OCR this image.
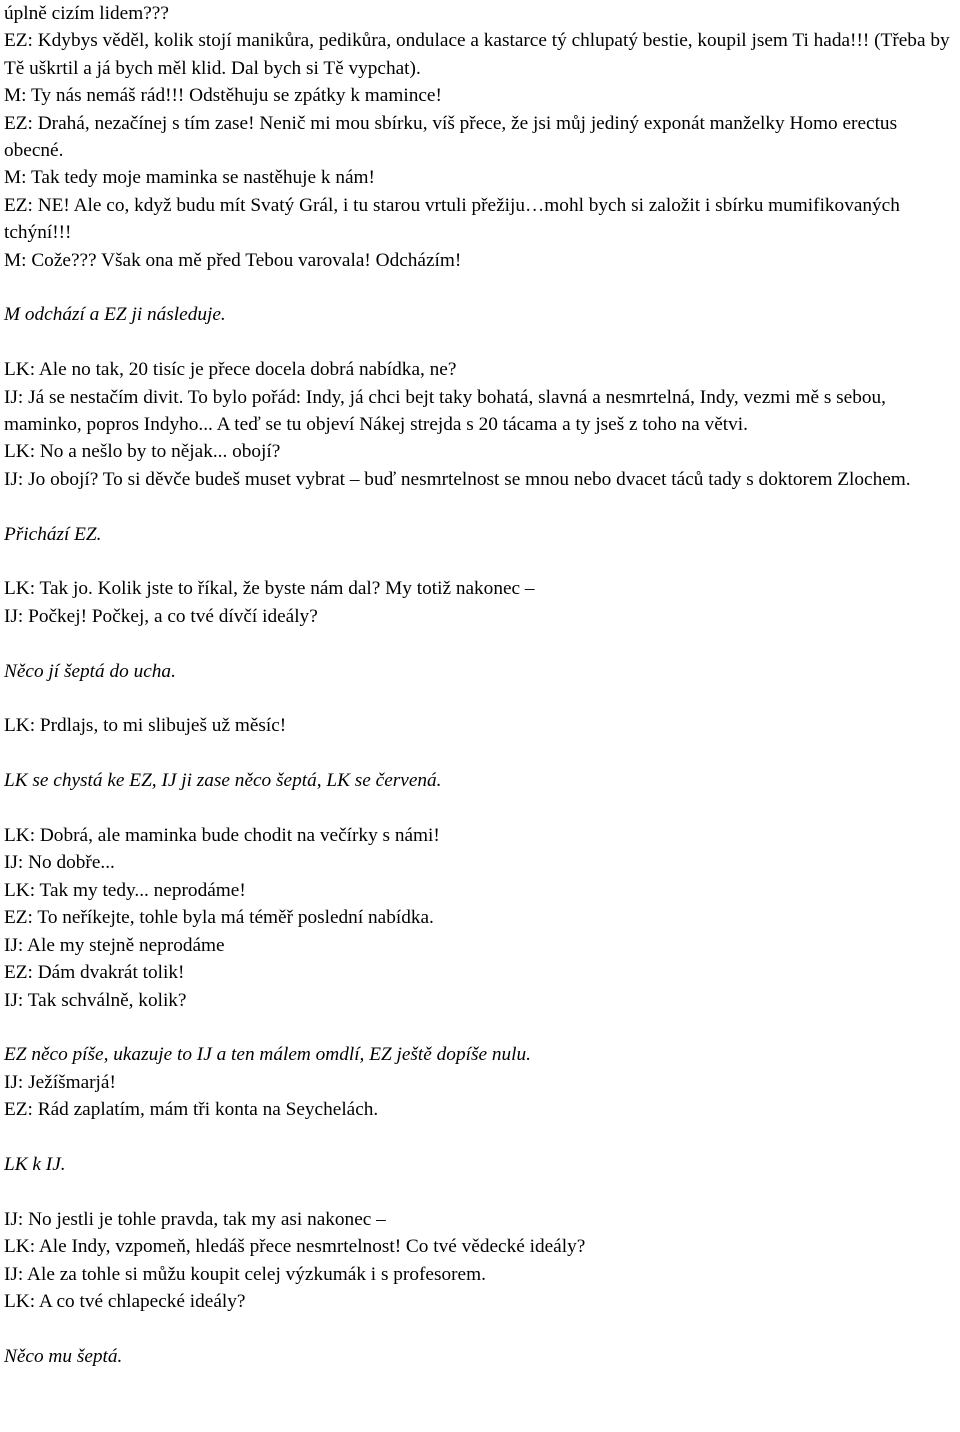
úplně cizím lidem???

EZ: Kdybys věděl, kolik stojí manikůra, pedikůra, ondulace a kastarce tý chlupatý bestie, koupil jsem Ti hada!!! (Třeba by Tě uškrtil a já bych měl klid. Dal bych si Tě vypchat).

M: Ty nás nemáš rád!!! Odstěhuju se zpátky k mamince!

EZ: Drahá, nezačínej s tím zase! Nenič mi mou sbírku, víš přece, že jsi můj jediný exponát manželky Homo erectus obecné.

M: Tak tedy moje maminka se nastěhuje k nám!

EZ: NE! Ale co, když budu mít Svatý Grál, i tu starou vrtuli přežiju…mohl bych si založit i sbírku mumifikovaných tchýní!!!

M: Cože??? Však ona mě před Tebou varovala! Odcházím!

M odchází a EZ ji následuje.

LK: Ale no tak, 20 tisíc je přece docela dobrá nabídka, ne?

IJ: Já se nestačím divit. To bylo pořád: Indy, já chci bejt taky bohatá, slavná a nesmrtelná, Indy, vezmi mě s sebou, maminko, popros Indyho... A teď se tu objeví Nákej strejda s 20 tácama a ty jseš z toho na větvi.

LK: No a nešlo by to nějak... obojí?

IJ: Jo obojí? To si děvče budeš muset vybrat – buď nesmrtelnost se mnou nebo dvacet táců tady s doktorem Zlochem.

Přichází EZ.

LK: Tak jo. Kolik jste to říkal, že byste nám dal? My totiž nakonec –

IJ: Počkej! Počkej, a co tvé dívčí ideály?

Něco jí šeptá do ucha.

LK: Prdlajs, to mi slibuješ už měsíc!

LK se chystá ke EZ, IJ ji zase něco šeptá, LK se červená.

LK: Dobrá, ale maminka bude chodit na večírky s námi!

IJ: No dobře...

LK: Tak my tedy... neprodáme!

EZ: To neříkejte, tohle byla má téměř poslední nabídka.

IJ: Ale my stejně neprodáme

EZ: Dám dvakrát tolik!

IJ: Tak schválně, kolik?

EZ něco píše, ukazuje to IJ a ten málem omdlí, EZ ještě dopíše nulu.

IJ: Ježíšmarjá!

EZ: Rád zaplatím, mám tři konta na Seychelách.

LK k IJ.

IJ: No jestli je tohle pravda, tak my asi nakonec –

LK: Ale Indy, vzpomeň, hledáš přece nesmrtelnost! Co tvé vědecké ideály?

IJ: Ale za tohle si můžu koupit celej výzkumák i s profesorem.

LK: A co tvé chlapecké ideály?

Něco mu šeptá.
